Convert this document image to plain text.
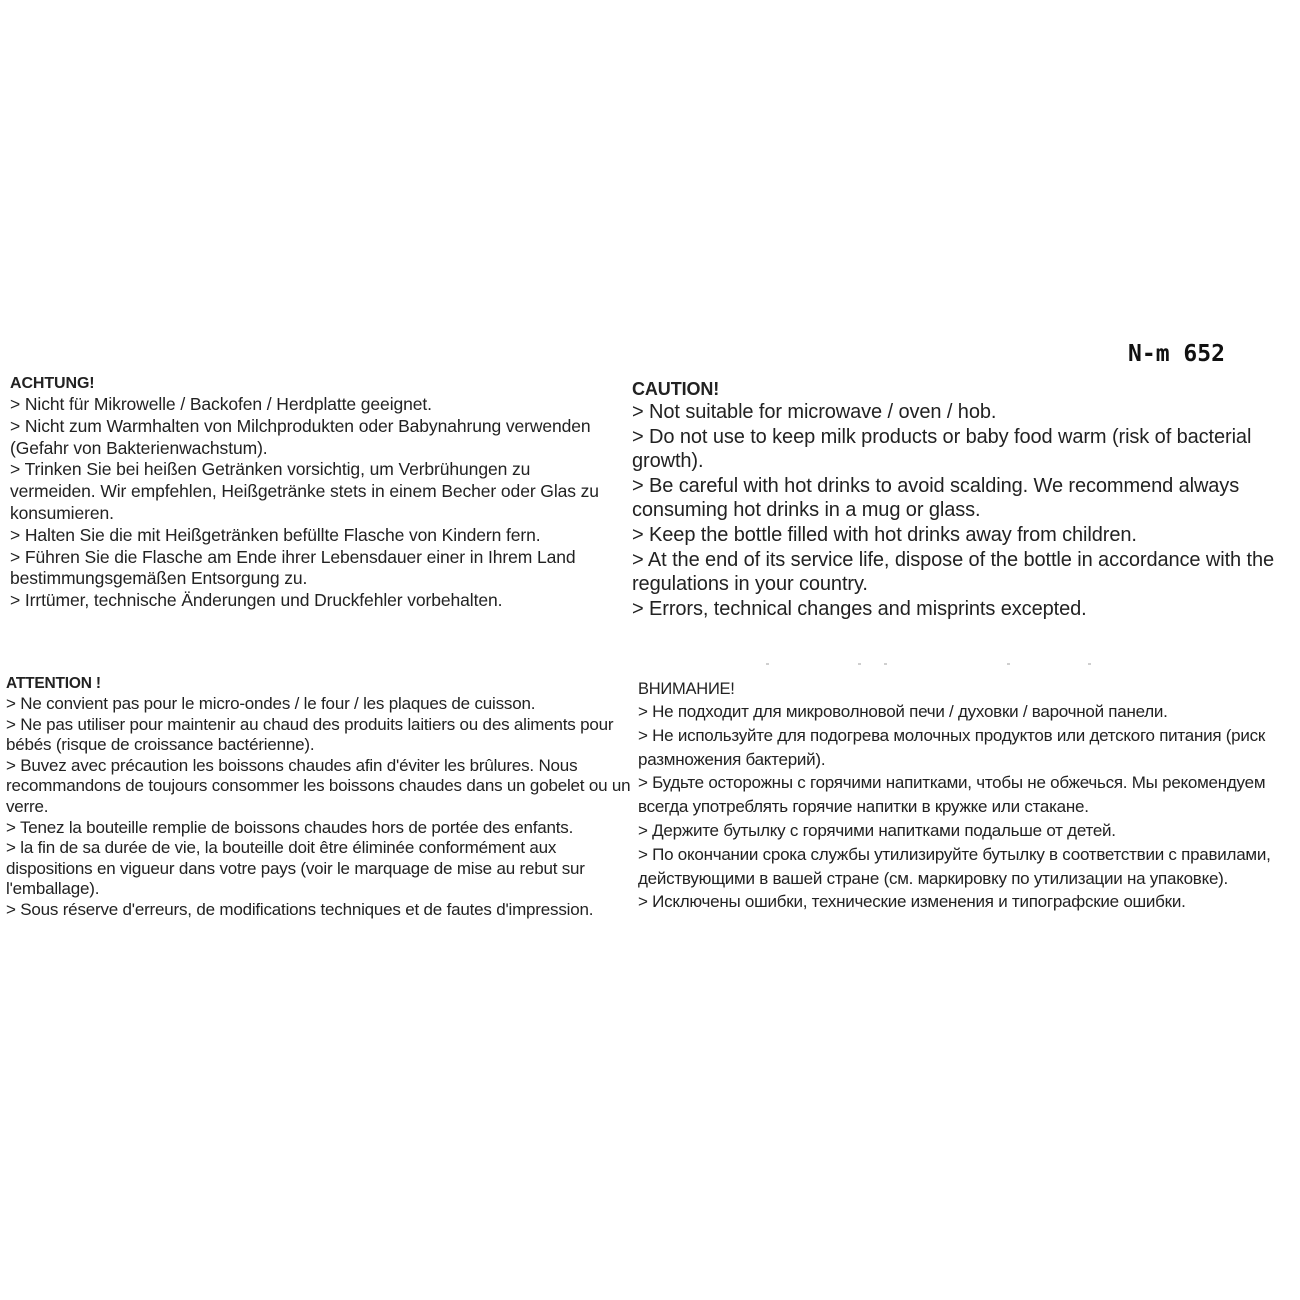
N-m 652
ACHTUNG!

> Nicht für Mikrowelle / Backofen / Herdplatte geeignet.

> Nicht zum Warmhalten von Milchprodukten oder Babynahrung verwenden (Gefahr von Bakterienwachstum).

> Trinken Sie bei heißen Getränken vorsichtig, um Verbrühungen zu vermeiden. Wir empfehlen, Heißgetränke stets in einem Becher oder Glas zu konsumieren.

> Halten Sie die mit Heißgetränken befüllte Flasche von Kindern fern.

> Führen Sie die Flasche am Ende ihrer Lebensdauer einer in Ihrem Land bestimmungsgemäßen Entsorgung zu.

> Irrtümer, technische Änderungen und Druckfehler vorbehalten.

CAUTION!

> Not suitable for microwave / oven / hob.

> Do not use to keep milk products or baby food warm (risk of bacterial growth).

> Be careful with hot drinks to avoid scalding. We recommend always consuming hot drinks in a mug or glass.

> Keep the bottle filled with hot drinks away from children.

> At the end of its service life, dispose of the bottle in accordance with the regulations in your country.

> Errors, technical changes and misprints excepted.

ATTENTION !

> Ne convient pas pour le micro-ondes / le four / les plaques de cuisson.

> Ne pas utiliser pour maintenir au chaud des produits laitiers ou des aliments pour bébés (risque de croissance bactérienne).

> Buvez avec précaution les boissons chaudes afin d'éviter les brûlures. Nous recommandons de toujours consommer les boissons chaudes dans un gobelet ou un verre.

> Tenez la bouteille remplie de boissons chaudes hors de portée des enfants.

> la fin de sa durée de vie, la bouteille doit être éliminée conformément aux dispositions en vigueur dans votre pays (voir le marquage de mise au rebut sur l'emballage).

> Sous réserve d'erreurs, de modifications techniques et de fautes d'impression.

ВНИМАНИЕ!

> Не подходит для микроволновой печи / духовки / варочной панели.

> Не используйте для подогрева молочных продуктов или детского питания (риск размножения бактерий).

> Будьте осторожны с горячими напитками, чтобы не обжечься. Мы рекомендуем всегда употреблять горячие напитки в кружке или стакане.

> Держите бутылку с горячими напитками подальше от детей.

> По окончании срока службы утилизируйте бутылку в соответствии с правилами, действующими в вашей стране (см. маркировку по утилизации на упаковке).

> Исключены ошибки, технические изменения и типографские ошибки.
